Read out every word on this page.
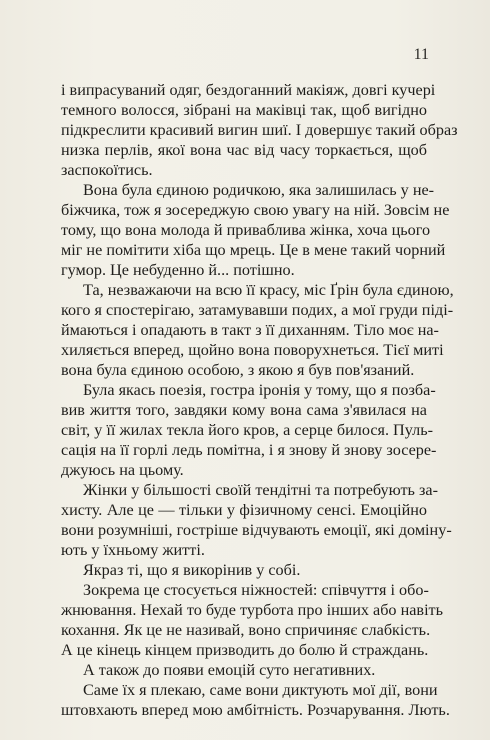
11
і випрасуваний одяг, бездоганний макіяж, довгі кучері
темного волосся, зібрані на маківці так, щоб вигідно
підкреслити красивий вигин шиї. І довершує такий образ
низка перлів, якої вона час від часу торкається, щоб
заспокоїтись.
Вона була єдиною родичкою, яка залишилась у не-
біжчика, тож я зосереджую свою увагу на ній. Зовсім не
тому, що вона молода й приваблива жінка, хоча цього
міг не помітити хіба що мрець. Це в мене такий чорний
гумор. Це небуденно й... потішно.
Та, незважаючи на всю її красу, міс Ґрін була єдиною,
кого я спостерігаю, затамувавши подих, а мої груди піді-
ймаються і опадають в такт з її диханням. Тіло моє на-
хиляється вперед, щойно вона поворухнеться. Тієї миті
вона була єдиною особою, з якою я був пов'язаний.
Була якась поезія, гостра іронія у тому, що я позба-
вив життя того, завдяки кому вона сама з'явилася на
світ, у її жилах текла його кров, а серце билося. Пуль-
сація на її горлі ледь помітна, і я знову й знову зосере-
джуюсь на цьому.
Жінки у більшості своїй тендітні та потребують за-
хисту. Але це — тільки у фізичному сенсі. Емоційно
вони розумніші, гостріше відчувають емоції, які доміну-
ють у їхньому житті.
Якраз ті, що я викорінив у собі.
Зокрема це стосується ніжностей: співчуття і обо-
жнювання. Нехай то буде турбота про інших або навіть
кохання. Як це не називай, воно спричиняє слабкість.
А це кінець кінцем призводить до болю й страждань.
А також до появи емоцій суто негативних.
Саме їх я плекаю, саме вони диктують мої дії, вони
штовхають вперед мою амбітність. Розчарування. Лють.
